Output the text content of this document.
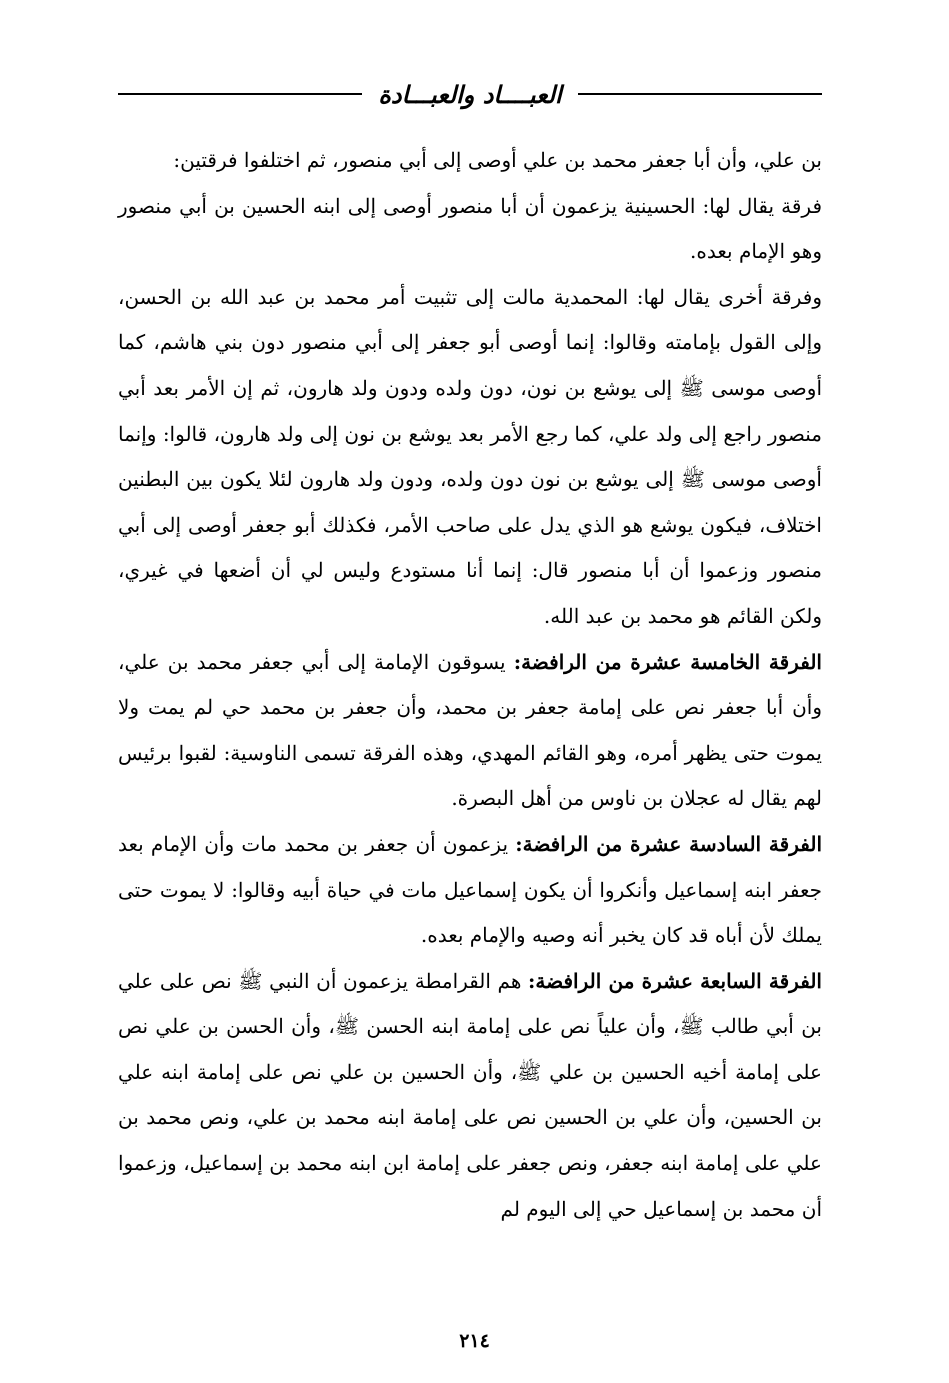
العبــــاد والعبـــادة

بن علي، وأن أبا جعفر محمد بن علي أوصى إلى أبي منصور، ثم اختلفوا فرقتين:

فرقة يقال لها: الحسينية يزعمون أن أبا منصور أوصى إلى ابنه الحسين بن أبي منصور وهو الإمام بعده.

وفرقة أخرى يقال لها: المحمدية مالت إلى تثبيت أمر محمد بن عبد الله بن الحسن، وإلى القول بإمامته وقالوا: إنما أوصى أبو جعفر إلى أبي منصور دون بني هاشم، كما أوصى موسى ﷺ إلى يوشع بن نون، دون ولده ودون ولد هارون، ثم إن الأمر بعد أبي منصور راجع إلى ولد علي، كما رجع الأمر بعد يوشع بن نون إلى ولد هارون، قالوا: وإنما أوصى موسى ﷺ إلى يوشع بن نون دون ولده، ودون ولد هارون لئلا يكون بين البطنين اختلاف، فيكون يوشع هو الذي يدل على صاحب الأمر، فكذلك أبو جعفر أوصى إلى أبي منصور وزعموا أن أبا منصور قال: إنما أنا مستودع وليس لي أن أضعها في غيري، ولكن القائم هو محمد بن عبد الله.

الفرقة الخامسة عشرة من الرافضة: يسوقون الإمامة إلى أبي جعفر محمد بن علي، وأن أبا جعفر نص على إمامة جعفر بن محمد، وأن جعفر بن محمد حي لم يمت ولا يموت حتى يظهر أمره، وهو القائم المهدي، وهذه الفرقة تسمى الناوسية: لقبوا برئيس لهم يقال له عجلان بن ناوس من أهل البصرة.

الفرقة السادسة عشرة من الرافضة: يزعمون أن جعفر بن محمد مات وأن الإمام بعد جعفر ابنه إسماعيل وأنكروا أن يكون إسماعيل مات في حياة أبيه وقالوا: لا يموت حتى يملك لأن أباه قد كان يخبر أنه وصيه والإمام بعده.

الفرقة السابعة عشرة من الرافضة: هم القرامطة يزعمون أن النبي ﷺ نص على علي بن أبي طالب ﷺ، وأن علياً نص على إمامة ابنه الحسن ﷺ، وأن الحسن بن علي نص على إمامة أخيه الحسين بن علي ﷺ، وأن الحسين بن علي نص على إمامة ابنه علي بن الحسين، وأن علي بن الحسين نص على إمامة ابنه محمد بن علي، ونص محمد بن علي على إمامة ابنه جعفر، ونص جعفر على إمامة ابن ابنه محمد بن إسماعيل، وزعموا أن محمد بن إسماعيل حي إلى اليوم لم

٢١٤
